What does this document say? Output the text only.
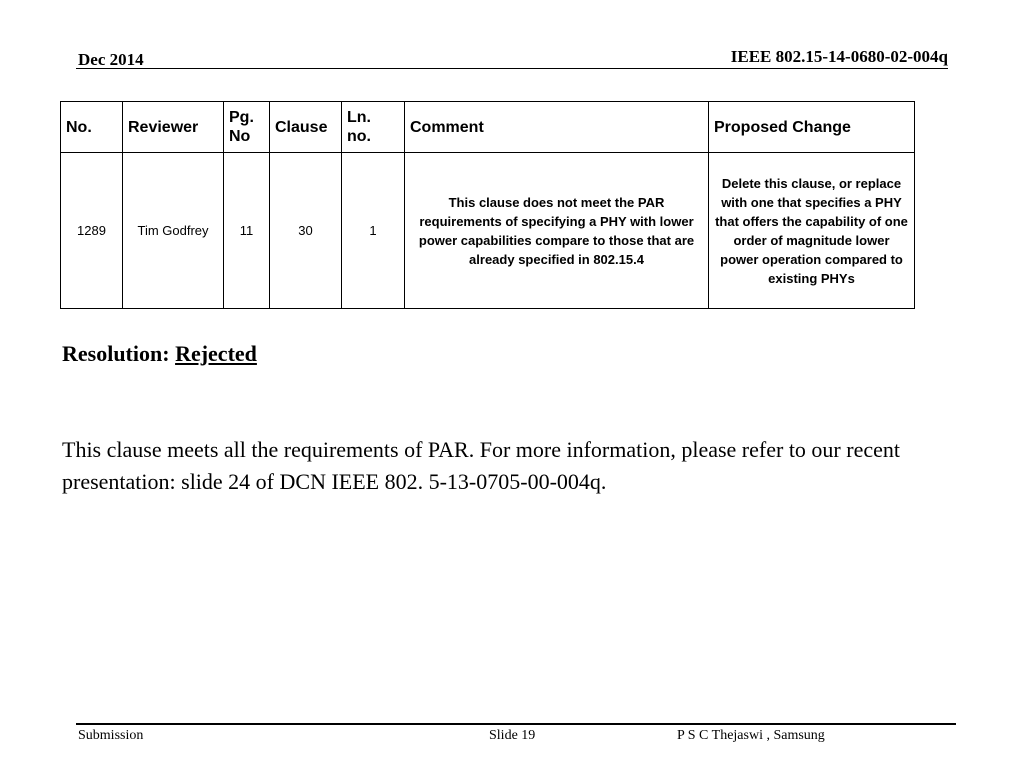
Dec 2014	IEEE 802.15-14-0680-02-004q
No.	Reviewer	Pg. No	Clause	Ln. no.	Comment	Proposed Change
1289	Tim Godfrey	11	30	1	This clause does not meet the PAR requirements of specifying a PHY with lower power capabilities compare to those that are already specified in 802.15.4	Delete this clause, or replace with one that specifies a PHY that offers the capability of one order of magnitude lower power operation compared to existing PHYs
Resolution: Rejected
This clause meets all the requirements of PAR. For more information, please refer to our recent presentation: slide 24 of DCN IEEE 802. 5-13-0705-00-004q.
Submission	Slide 19	P S C Thejaswi , Samsung
